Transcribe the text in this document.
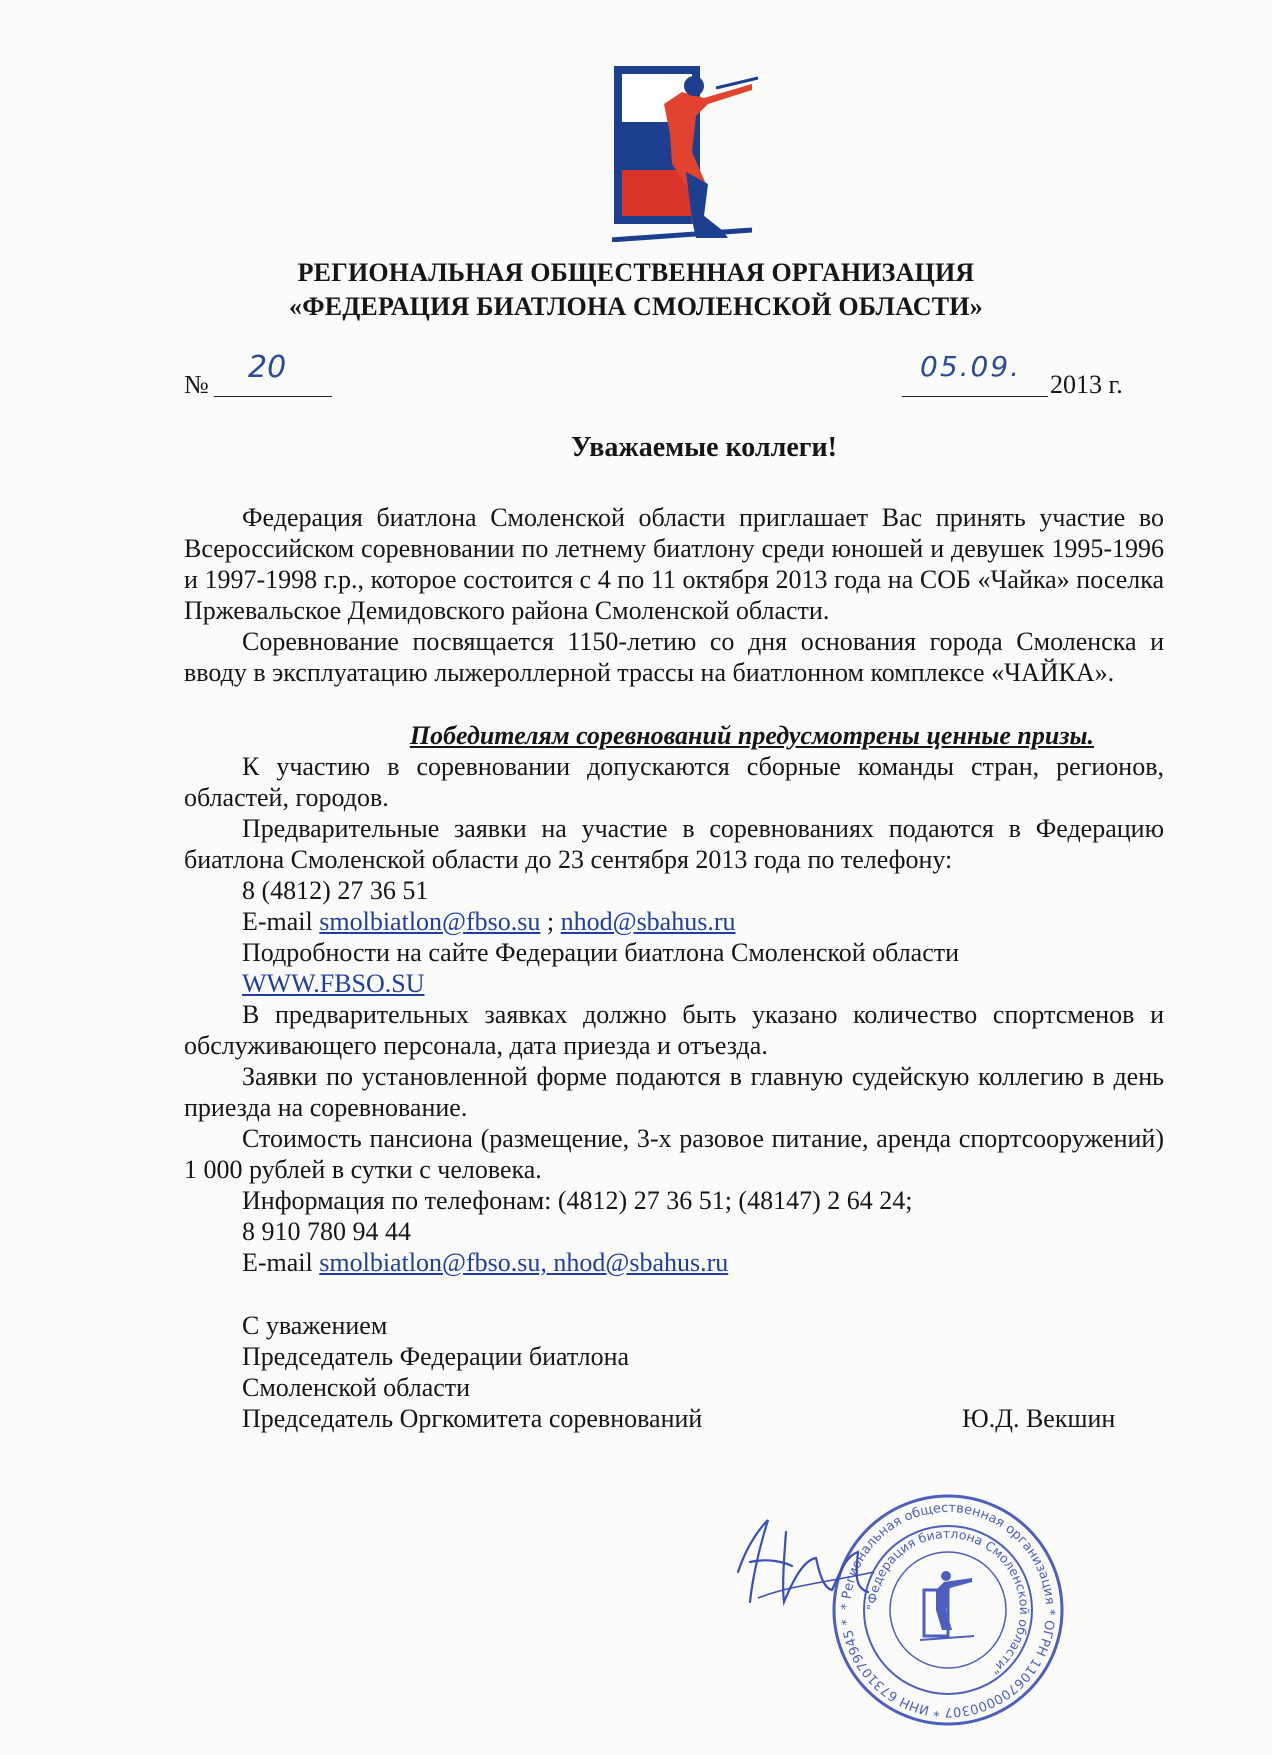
РЕГИОНАЛЬНАЯ ОБЩЕСТВЕННАЯ ОРГАНИЗАЦИЯ
«ФЕДЕРАЦИЯ БИАТЛОНА СМОЛЕНСКОЙ ОБЛАСТИ»
№ 20	05.09.
2013 г.
Уважаемые коллеги!

Федерация биатлона Смоленской области приглашает Вас принять участие во Всероссийском соревновании по летнему биатлону среди юношей и девушек 1995-1996 и 1997-1998 г.р., которое состоится с 4 по 11 октября 2013 года на СОБ «Чайка» поселка Пржевальское Демидовского района Смоленской области.

Соревнование посвящается 1150-летию со дня основания города Смоленска и вводу в эксплуатацию лыжероллерной трассы на биатлонном комплексе «ЧАЙКА».

Победителям соревнований предусмотрены ценные призы.

К участию в соревновании допускаются сборные команды стран, регионов, областей, городов.

Предварительные заявки на участие в соревнованиях подаются в Федерацию биатлона Смоленской области до 23 сентября 2013 года по телефону:

8 (4812) 27 36 51

E-mail smolbiatlon@fbso.su ; nhod@sbahus.ru

Подробности на сайте Федерации биатлона Смоленской области

WWW.FBSO.SU

В предварительных заявках должно быть указано количество спортсменов и обслуживающего персонала, дата приезда и отъезда.

Заявки по установленной форме подаются в главную судейскую коллегию в день приезда на соревнование.

Стоимость пансиона (размещение, 3-х разовое питание, аренда спортсооружений) 1 000 рублей в сутки с человека.

Информация по телефонам: (4812) 27 36 51; (48147) 2 64 24;

8 910 780 94 44

E-mail smolbiatlon@fbso.su, nhod@sbahus.ru

С уважением

Председатель Федерации биатлона

Смоленской области

Председатель Оргкомитета соревнований	Ю.Д. Векшин

* Региональная общественная организация * ОГРН 1106700000307 * ИНН 6731079945 *
"Федерация биатлона Смоленской области"
